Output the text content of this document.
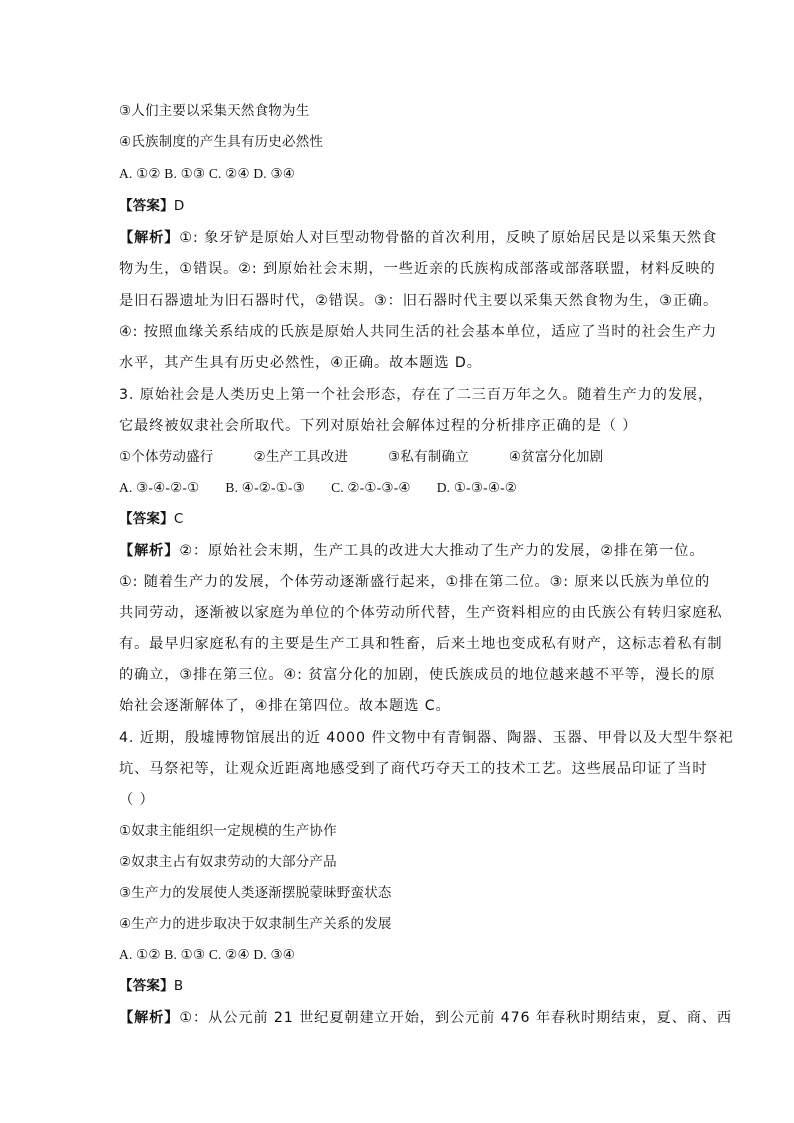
③人们主要以采集天然食物为生
④氏族制度的产生具有历史必然性
A. ①② B. ①③ C. ②④ D. ③④
【答案】D
【解析】①: 象牙铲是原始人对巨型动物骨骼的首次利用，反映了原始居民是以采集天然食
物为生，①错误。②: 到原始社会末期，一些近亲的氏族构成部落或部落联盟，材料反映的
是旧石器遗址为旧石器时代，②错误。③：旧石器时代主要以采集天然食物为生，③正确。
④: 按照血缘关系结成的氏族是原始人共同生活的社会基本单位，适应了当时的社会生产力
水平，其产生具有历史必然性，④正确。故本题选 D。
3. 原始社会是人类历史上第一个社会形态，存在了二三百万年之久。随着生产力的发展，
它最终被奴隶社会所取代。下列对原始社会解体过程的分析排序正确的是（ ）
①个体劳动盛行	②生产工具改进	③私有制确立	④贫富分化加剧
A. ③-④-②-① B. ④-②-①-③ C. ②-①-③-④ D. ①-③-④-②
【答案】C
【解析】②：原始社会末期，生产工具的改进大大推动了生产力的发展，②排在第一位。
①: 随着生产力的发展，个体劳动逐渐盛行起来，①排在第二位。③: 原来以氏族为单位的
共同劳动，逐渐被以家庭为单位的个体劳动所代替，生产资料相应的由氏族公有转归家庭私
有。最早归家庭私有的主要是生产工具和牲畜，后来土地也变成私有财产，这标志着私有制
的确立，③排在第三位。④: 贫富分化的加剧，使氏族成员的地位越来越不平等，漫长的原
始社会逐渐解体了，④排在第四位。故本题选 C。
4. 近期，殷墟博物馆展出的近 4000 件文物中有青铜器、陶器、玉器、甲骨以及大型牛祭祀
坑、马祭祀等，让观众近距离地感受到了商代巧夺天工的技术工艺。这些展品印证了当时
（ ）
①奴隶主能组织一定规模的生产协作
②奴隶主占有奴隶劳动的大部分产品
③生产力的发展使人类逐渐摆脱蒙昧野蛮状态
④生产力的进步取决于奴隶制生产关系的发展
A. ①② B. ①③ C. ②④ D. ③④
【答案】B
【解析】①：从公元前 21 世纪夏朝建立开始，到公元前 476 年春秋时期结束，夏、商、西
